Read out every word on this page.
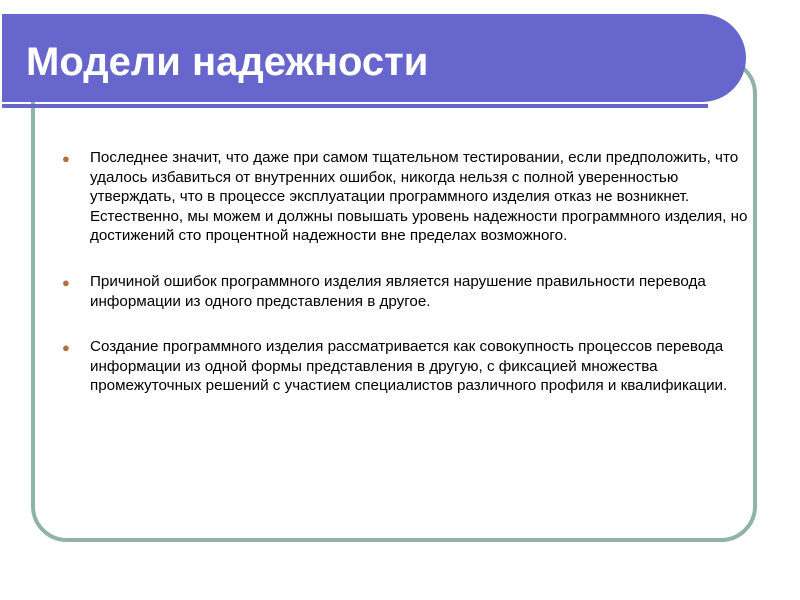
Модели надежности
● Последнее значит, что даже при самом тщательном тестировании, если предположить, что удалось избавиться от внутренних ошибок, никогда нельзя с полной уверенностью утверждать, что в процессе эксплуатации программного изделия отказ не возникнет. Естественно, мы можем и должны повышать уровень надежности программного изделия, но достижений сто процентной надежности вне пределах возможного.
● Причиной ошибок программного изделия является нарушение правильности перевода информации из одного представления в другое.
● Создание программного изделия рассматривается как совокупность процессов перевода информации из одной формы представления в другую, с фиксацией множества промежуточных решений с участием специалистов различного профиля и квалификации.
